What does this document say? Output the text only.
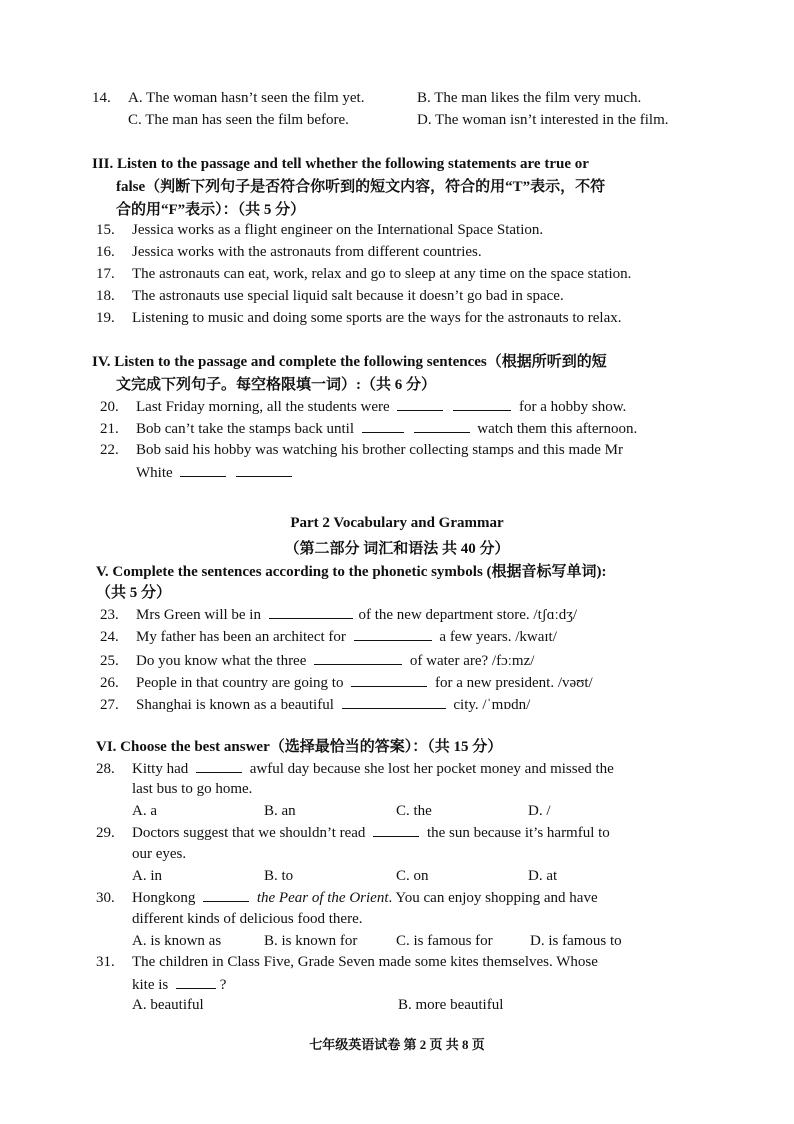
14. A. The woman hasn’t seen the film yet.	B. The man likes the film very much.
C. The man has seen the film before.	D. The woman isn’t interested in the film.
III. Listen to the passage and tell whether the following statements are true or
false（判断下列句子是否符合你听到的短文内容，符合的用“T”表示，不符
合的用“F”表示）：（共 5 分）
15. Jessica works as a flight engineer on the International Space Station.
16. Jessica works with the astronauts from different countries.
17. The astronauts can eat, work, relax and go to sleep at any time on the space station.
18. The astronauts use special liquid salt because it doesn’t go bad in space.
19. Listening to music and doing some sports are the ways for the astronauts to relax.
IV. Listen to the passage and complete the following sentences（根据所听到的短
文完成下列句子。每空格限填一词）:（共 6 分）
20. Last Friday morning, all the students were	for a hobby show.
21. Bob can’t take the stamps back until	watch them this afternoon.
22. Bob said his hobby was watching his brother collecting stamps and this made Mr
White
Part 2 Vocabulary and Grammar
（第二部分 词汇和语法 共 40 分）
V. Complete the sentences according to the phonetic symbols (根据音标写单词):
（共 5 分）
23. Mrs Green will be in	of the new department store. /tʃɑːdʒ/
24. My father has been an architect for	a few years. /kwaɪt/
25. Do you know what the three	of water are? /fɔːmz/
26. People in that country are going to	for a new president. /vəʊt/
27. Shanghai is known as a beautiful	city. /ˈmɒdn/
VI. Choose the best answer（选择最恰当的答案）：（共 15 分）
28. Kitty had	awful day because she lost her pocket money and missed the
last bus to go home.
A. a	B. an	C. the	D. /
29. Doctors suggest that we shouldn’t read	the sun because it’s harmful to
our eyes.
A. in	B. to	C. on	D. at
30. Hongkong	the Pear of the Orient. You can enjoy shopping and have
different kinds of delicious food there.
A. is known as	B. is known for	C. is famous for D. is famous to
31. The children in Class Five, Grade Seven made some kites themselves. Whose
kite is	?
A. beautiful	B. more beautiful
七年级英语试卷 第 2 页 共 8 页
